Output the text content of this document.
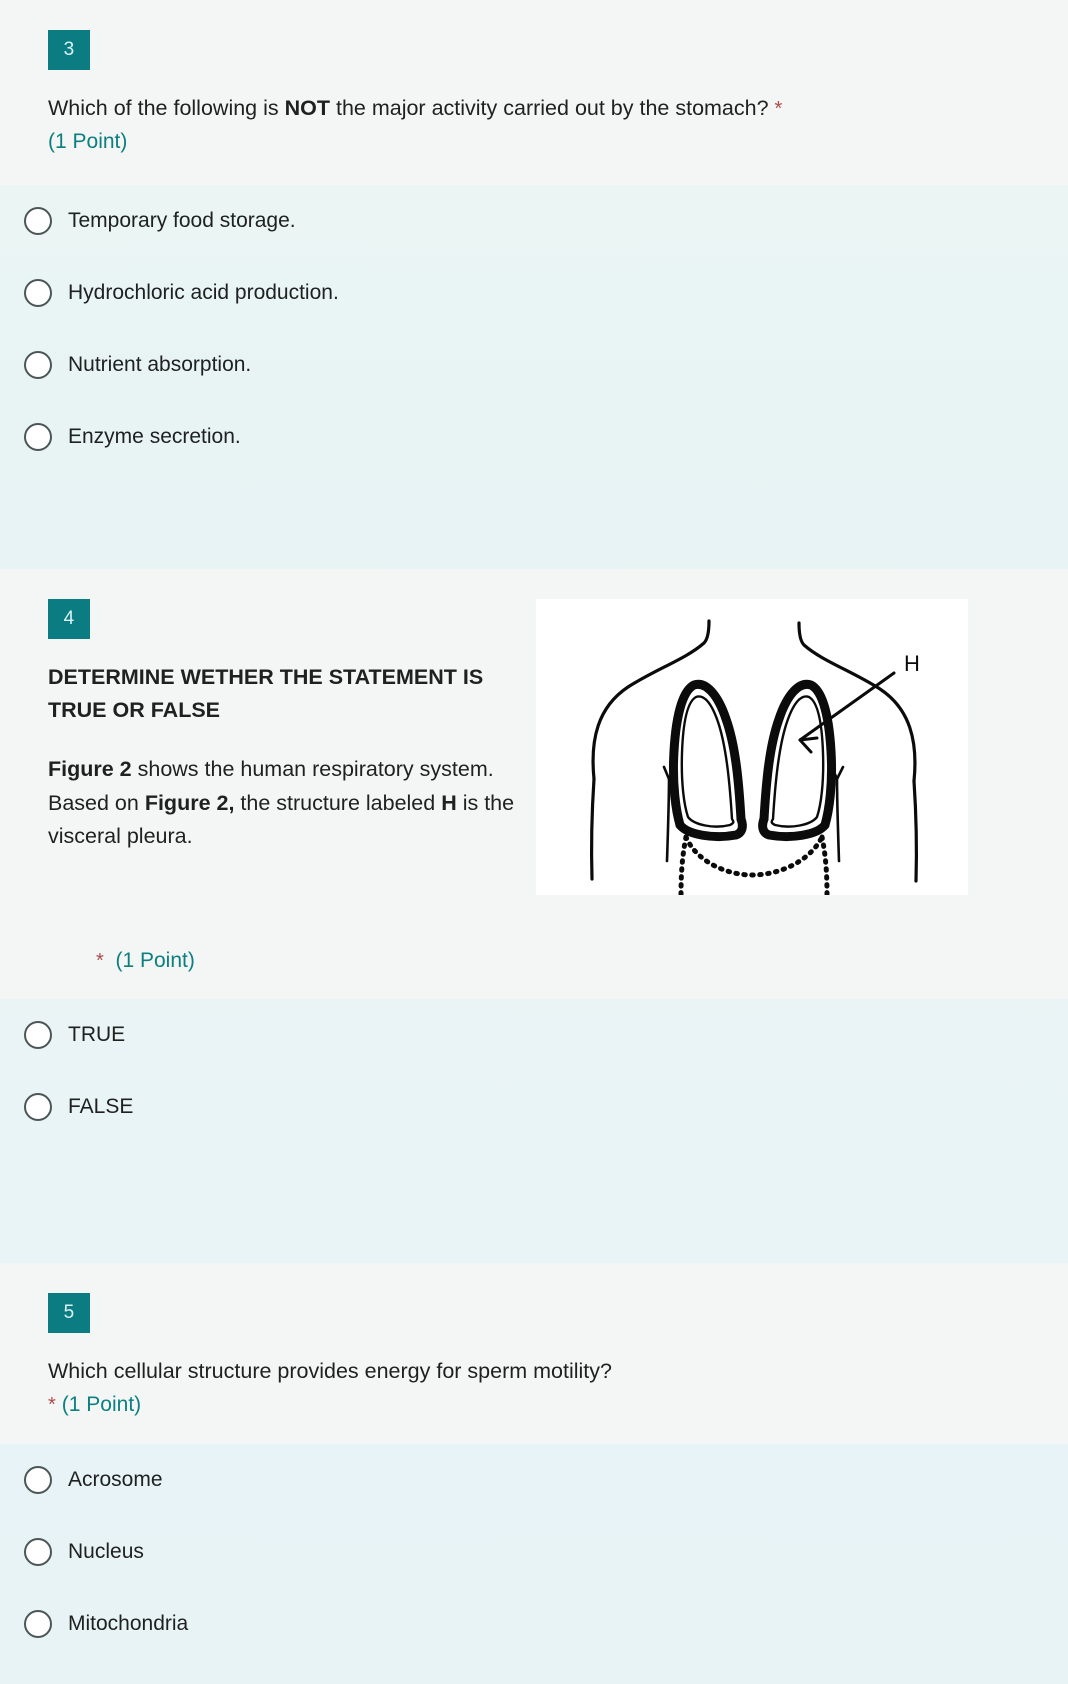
3
Which of the following is NOT the major activity carried out by the stomach? *
(1 Point)
Temporary food storage.
Hydrochloric acid production.
Nutrient absorption.
Enzyme secretion.
4
DETERMINE WETHER THE STATEMENT IS TRUE OR FALSE
Figure 2 shows the human respiratory system. Based on Figure 2, the structure labeled H is the visceral pleura.
H
* (1 Point)
TRUE
FALSE
5
Which cellular structure provides energy for sperm motility?
* (1 Point)
Acrosome
Nucleus
Mitochondria
